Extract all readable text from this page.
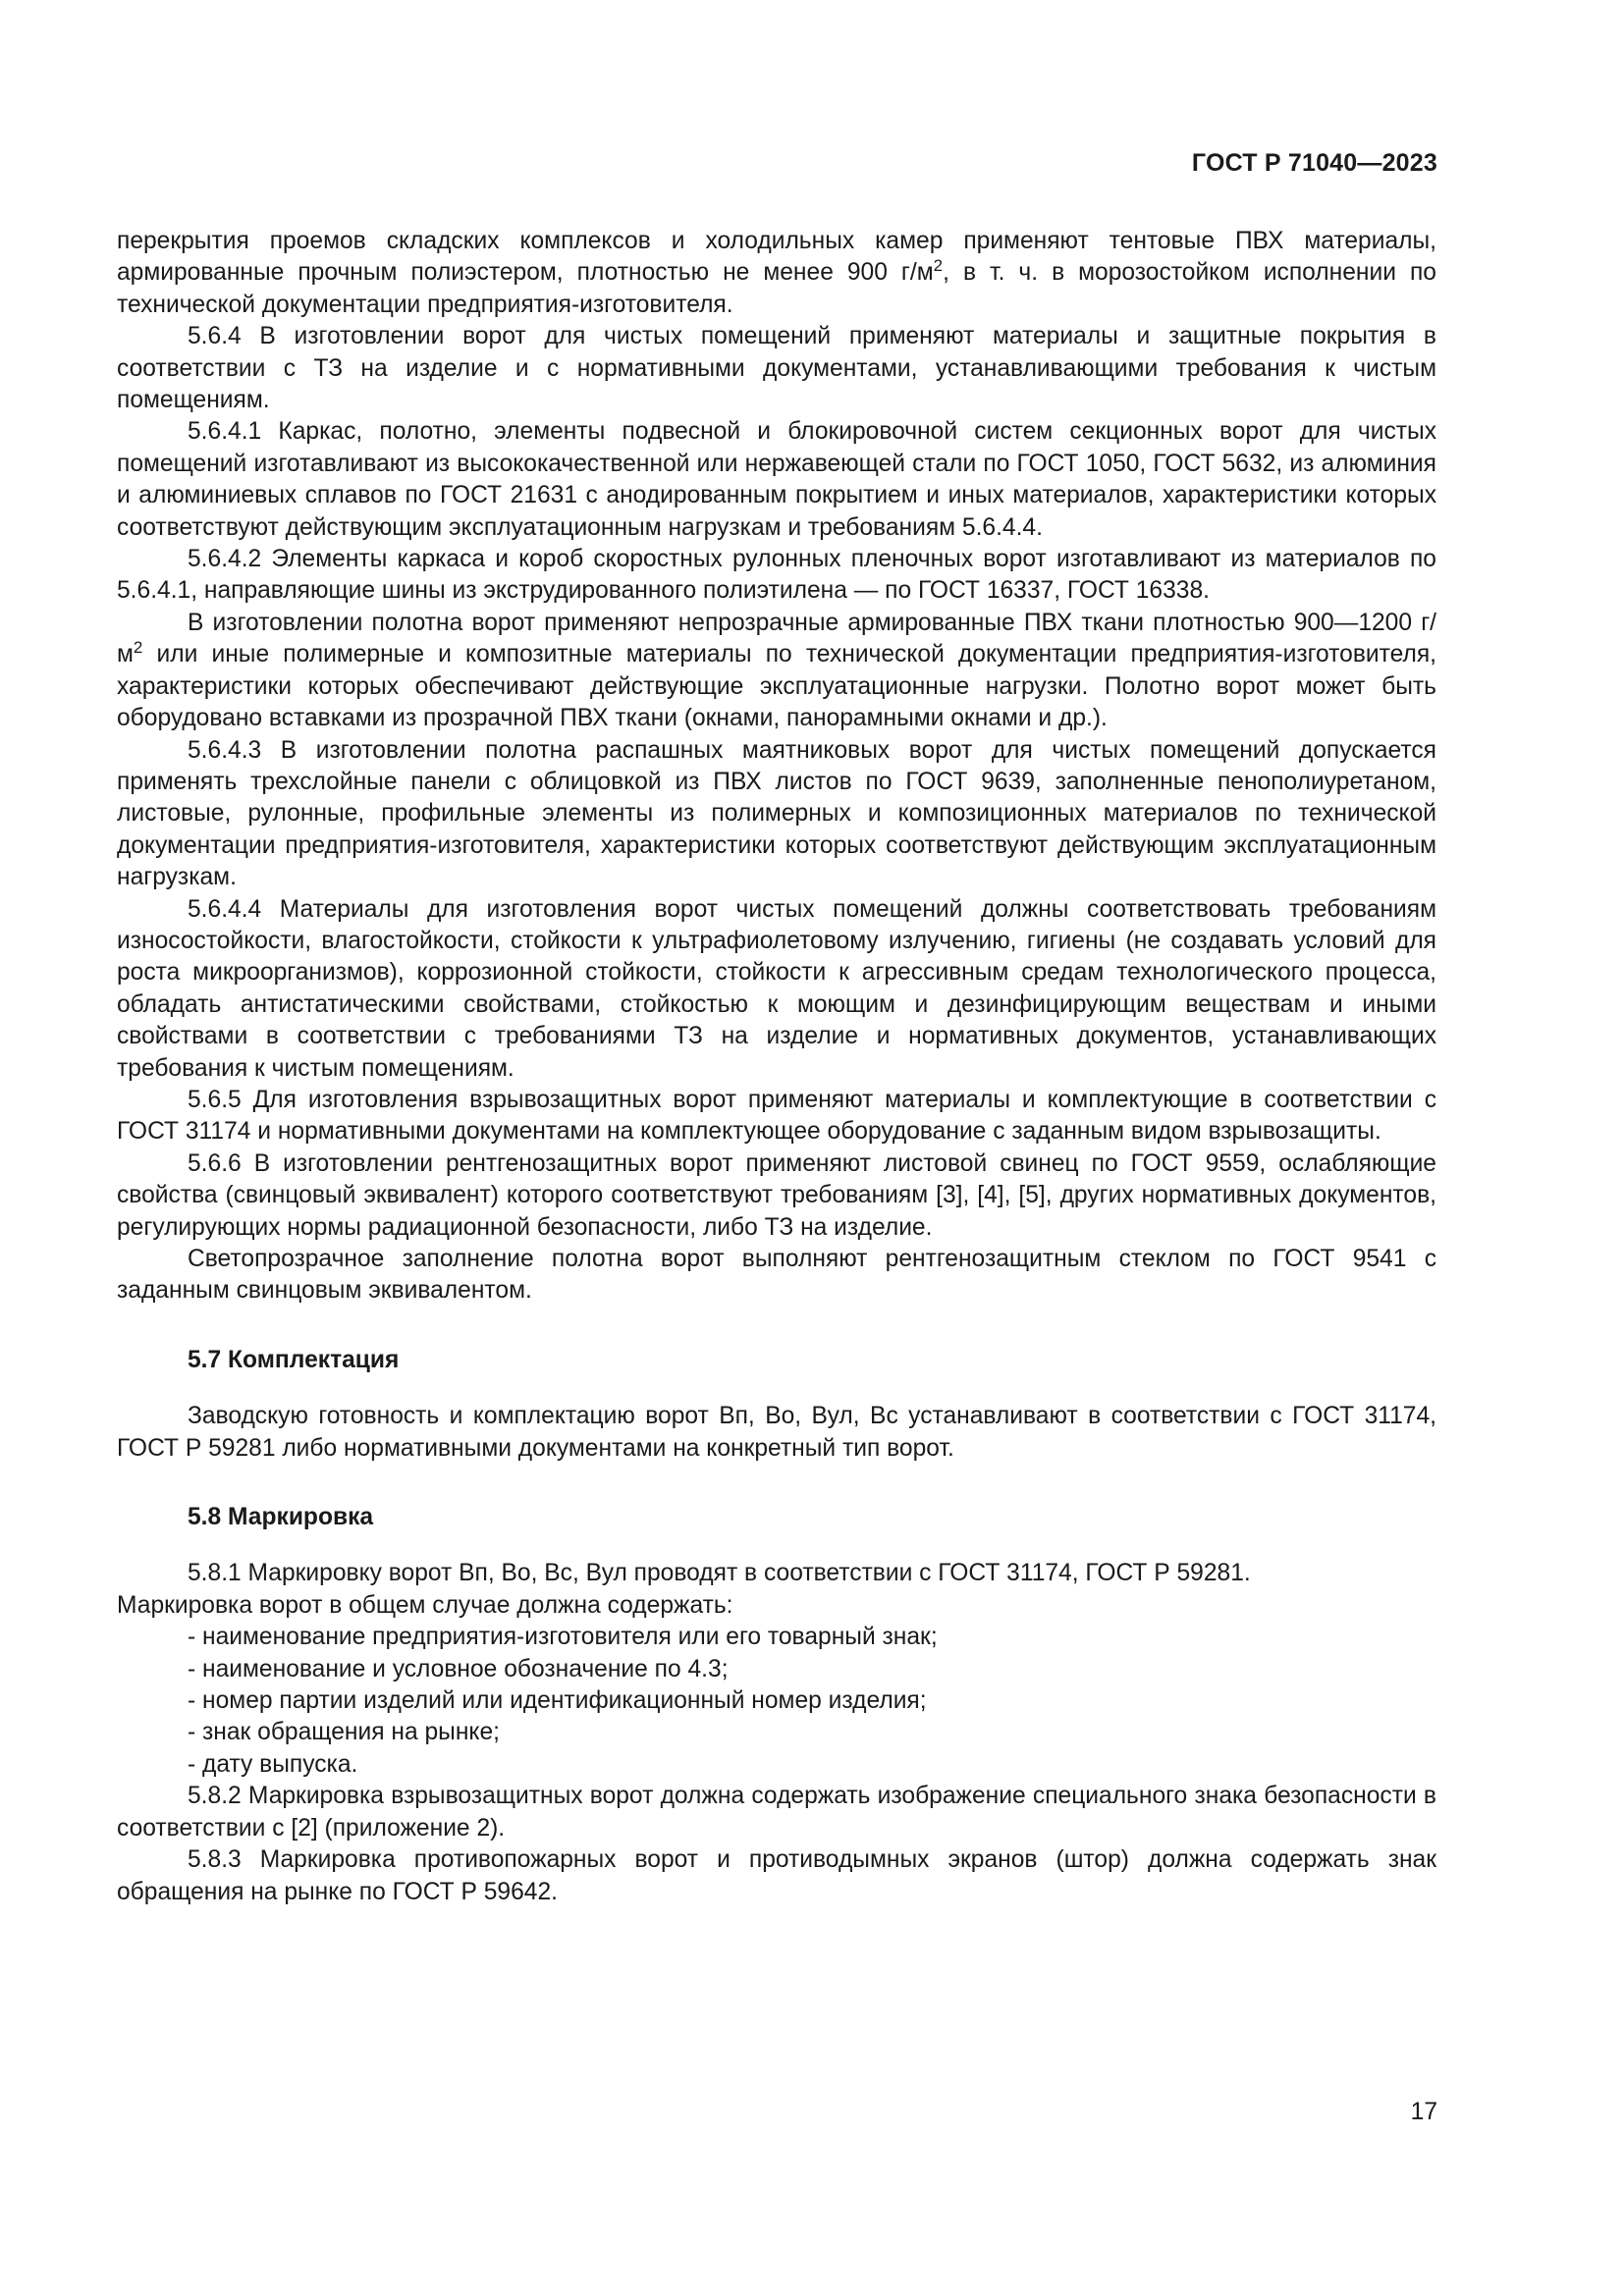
ГОСТ Р 71040—2023

перекрытия проемов складских комплексов и холодильных камер применяют тентовые ПВХ материалы, армированные прочным полиэстером, плотностью не менее 900 $г/м^2$, в т. ч. в морозостойком исполнении по технической документации предприятия-изготовителя.

5.6.4 В изготовлении ворот для чистых помещений применяют материалы и защитные покрытия в соответствии с ТЗ на изделие и с нормативными документами, устанавливающими требования к чистым помещениям.

5.6.4.1 Каркас, полотно, элементы подвесной и блокировочной систем секционных ворот для чистых помещений изготавливают из высококачественной или нержавеющей стали по ГОСТ 1050, ГОСТ 5632, из алюминия и алюминиевых сплавов по ГОСТ 21631 с анодированным покрытием и иных материалов, характеристики которых соответствуют действующим эксплуатационным нагрузкам и требованиям 5.6.4.4.

5.6.4.2 Элементы каркаса и короб скоростных рулонных пленочных ворот изготавливают из материалов по 5.6.4.1, направляющие шины из экструдированного полиэтилена — по ГОСТ 16337, ГОСТ 16338.

В изготовлении полотна ворот применяют непрозрачные армированные ПВХ ткани плотностью 900—1200 $г/м^2$ или иные полимерные и композитные материалы по технической документации предприятия-изготовителя, характеристики которых обеспечивают действующие эксплуатационные нагрузки. Полотно ворот может быть оборудовано вставками из прозрачной ПВХ ткани (окнами, панорамными окнами и др.).

5.6.4.3 В изготовлении полотна распашных маятниковых ворот для чистых помещений допускается применять трехслойные панели с облицовкой из ПВХ листов по ГОСТ 9639, заполненные пенополиуретаном, листовые, рулонные, профильные элементы из полимерных и композиционных материалов по технической документации предприятия-изготовителя, характеристики которых соответствуют действующим эксплуатационным нагрузкам.

5.6.4.4 Материалы для изготовления ворот чистых помещений должны соответствовать требованиям износостойкости, влагостойкости, стойкости к ультрафиолетовому излучению, гигиены (не создавать условий для роста микроорганизмов), коррозионной стойкости, стойкости к агрессивным средам технологического процесса, обладать антистатическими свойствами, стойкостью к моющим и дезинфицирующим веществам и иными свойствами в соответствии с требованиями ТЗ на изделие и нормативных документов, устанавливающих требования к чистым помещениям.

5.6.5 Для изготовления взрывозащитных ворот применяют материалы и комплектующие в соответствии с ГОСТ 31174 и нормативными документами на комплектующее оборудование с заданным видом взрывозащиты.

5.6.6 В изготовлении рентгенозащитных ворот применяют листовой свинец по ГОСТ 9559, ослабляющие свойства (свинцовый эквивалент) которого соответствуют требованиям [3], [4], [5], других нормативных документов, регулирующих нормы радиационной безопасности, либо ТЗ на изделие.

Светопрозрачное заполнение полотна ворот выполняют рентгенозащитным стеклом по ГОСТ 9541 с заданным свинцовым эквивалентом.

5.7 Комплектация

Заводскую готовность и комплектацию ворот Вп, Во, Вул, Вс устанавливают в соответствии с ГОСТ 31174, ГОСТ Р 59281 либо нормативными документами на конкретный тип ворот.

5.8 Маркировка

5.8.1 Маркировку ворот Вп, Во, Вс, Вул проводят в соответствии с ГОСТ 31174, ГОСТ Р 59281.

Маркировка ворот в общем случае должна содержать:

- наименование предприятия-изготовителя или его товарный знак;
- наименование и условное обозначение по 4.3;
- номер партии изделий или идентификационный номер изделия;
- знак обращения на рынке;
- дату выпуска.

5.8.2 Маркировка взрывозащитных ворот должна содержать изображение специального знака безопасности в соответствии с [2] (приложение 2).

5.8.3 Маркировка противопожарных ворот и противодымных экранов (штор) должна содержать знак обращения на рынке по ГОСТ Р 59642.

17
